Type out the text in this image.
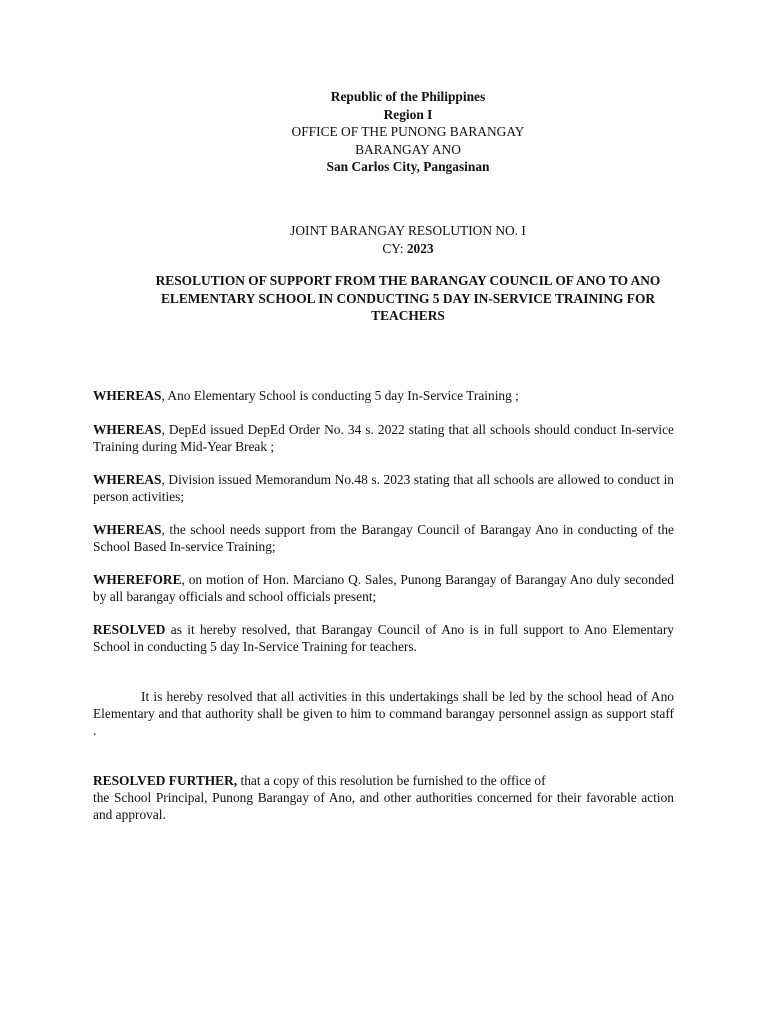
Republic of the Philippines
Region I
OFFICE OF THE PUNONG BARANGAY
BARANGAY ANO
San Carlos City, Pangasinan
JOINT BARANGAY RESOLUTION NO. I
CY: 2023
RESOLUTION OF SUPPORT FROM THE BARANGAY COUNCIL OF ANO TO ANO ELEMENTARY SCHOOL IN CONDUCTING 5 DAY IN-SERVICE TRAINING FOR TEACHERS

WHEREAS, Ano Elementary School is conducting 5 day In-Service Training ;

WHEREAS, DepEd issued DepEd Order No. 34 s. 2022 stating that all schools should conduct In-service Training during Mid-Year Break ;

WHEREAS, Division issued Memorandum No.48 s. 2023 stating that all schools are allowed to conduct in person activities;

WHEREAS, the school needs support from the Barangay Council of Barangay Ano in conducting of the School Based In-service Training;

WHEREFORE, on motion of Hon. Marciano Q. Sales, Punong Barangay of Barangay Ano duly seconded by all barangay officials and school officials present;

RESOLVED as it hereby resolved, that Barangay Council of Ano is in full support to Ano Elementary School in conducting 5 day In-Service Training for teachers.

It is hereby resolved that all activities in this undertakings shall be led by the school head of Ano Elementary and that authority shall be given to him to command barangay personnel assign as support staff .

RESOLVED FURTHER, that a copy of this resolution be furnished to the office of
the School Principal, Punong Barangay of Ano, and other authorities concerned for their favorable action and approval.
